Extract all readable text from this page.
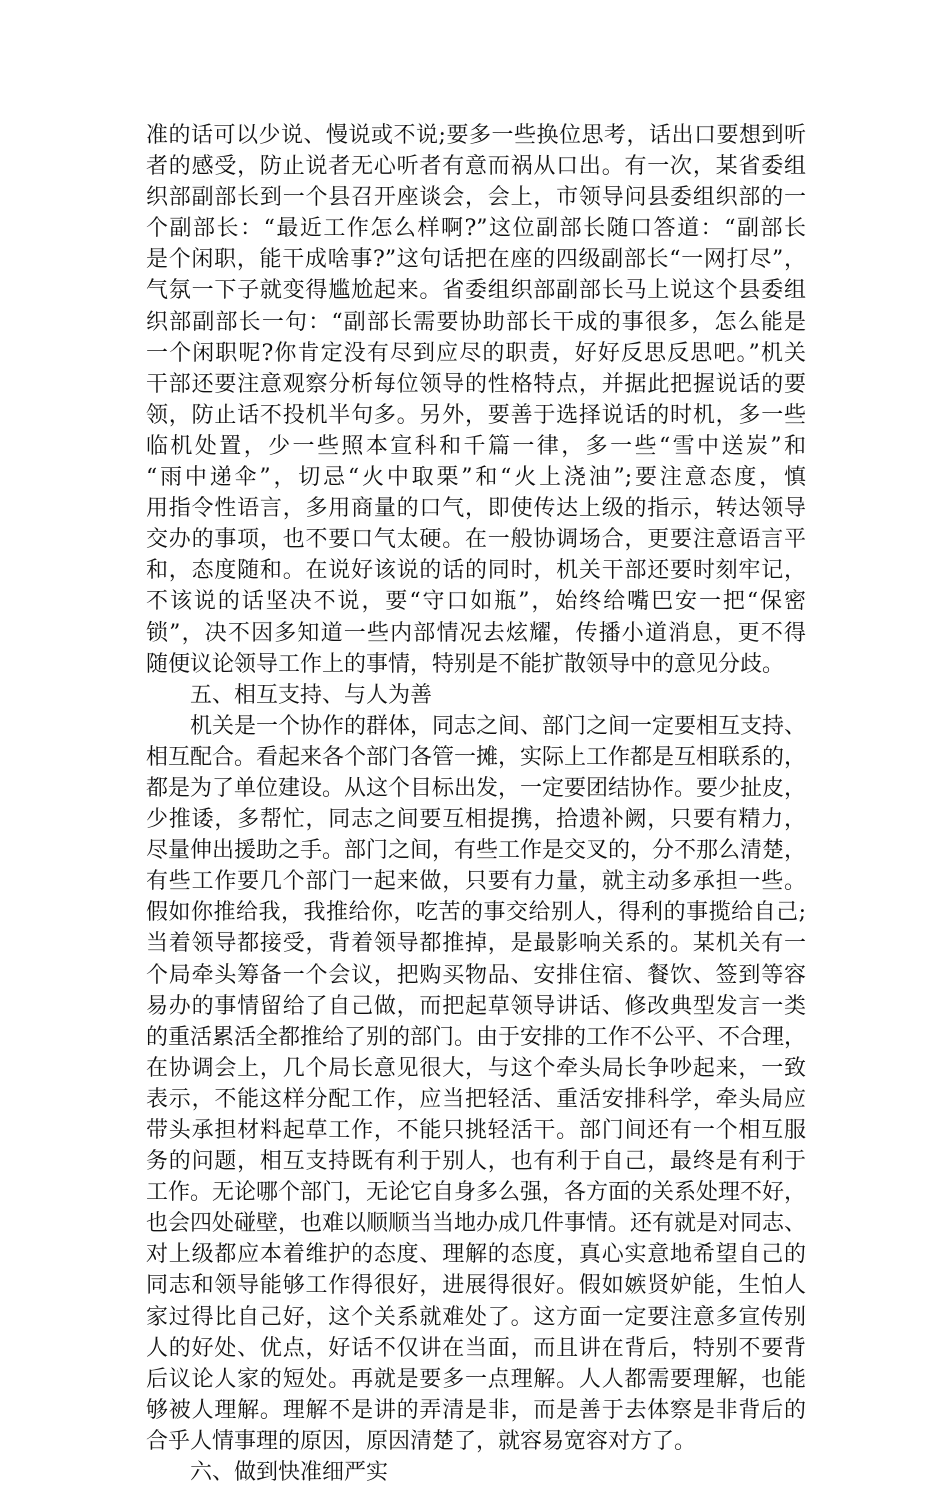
准的话可以少说、慢说或不说;要多一些换位思考，话出口要想到听
者的感受，防止说者无心听者有意而祸从口出。有一次，某省委组
织部副部长到一个县召开座谈会，会上，市领导问县委组织部的一
个副部长：“最近工作怎么样啊?”这位副部长随口答道：“副部长
是个闲职，能干成啥事?”这句话把在座的四级副部长“一网打尽”，
气氛一下子就变得尴尬起来。省委组织部副部长马上说这个县委组
织部副部长一句：“副部长需要协助部长干成的事很多，怎么能是
一个闲职呢?你肯定没有尽到应尽的职责，好好反思反思吧。”机关
干部还要注意观察分析每位领导的性格特点，并据此把握说话的要
领，防止话不投机半句多。另外，要善于选择说话的时机，多一些
临机处置，少一些照本宣科和千篇一律，多一些“雪中送炭”和
“雨中递伞”，切忌“火中取栗”和“火上浇油”;要注意态度，慎
用指令性语言，多用商量的口气，即使传达上级的指示，转达领导
交办的事项，也不要口气太硬。在一般协调场合，更要注意语言平
和，态度随和。在说好该说的话的同时，机关干部还要时刻牢记，
不该说的话坚决不说，要“守口如瓶”，始终给嘴巴安一把“保密
锁”，决不因多知道一些内部情况去炫耀，传播小道消息，更不得
随便议论领导工作上的事情，特别是不能扩散领导中的意见分歧。
五、相互支持、与人为善
机关是一个协作的群体，同志之间、部门之间一定要相互支持、
相互配合。看起来各个部门各管一摊，实际上工作都是互相联系的，
都是为了单位建设。从这个目标出发，一定要团结协作。要少扯皮，
少推诿，多帮忙，同志之间要互相提携，拾遗补阙，只要有精力，
尽量伸出援助之手。部门之间，有些工作是交叉的，分不那么清楚，
有些工作要几个部门一起来做，只要有力量，就主动多承担一些。
假如你推给我，我推给你，吃苦的事交给别人，得利的事揽给自己;
当着领导都接受，背着领导都推掉，是最影响关系的。某机关有一
个局牵头筹备一个会议，把购买物品、安排住宿、餐饮、签到等容
易办的事情留给了自己做，而把起草领导讲话、修改典型发言一类
的重活累活全都推给了别的部门。由于安排的工作不公平、不合理，
在协调会上，几个局长意见很大，与这个牵头局长争吵起来，一致
表示，不能这样分配工作，应当把轻活、重活安排科学，牵头局应
带头承担材料起草工作，不能只挑轻活干。部门间还有一个相互服
务的问题，相互支持既有利于别人，也有利于自己，最终是有利于
工作。无论哪个部门，无论它自身多么强，各方面的关系处理不好，
也会四处碰壁，也难以顺顺当当地办成几件事情。还有就是对同志、
对上级都应本着维护的态度、理解的态度，真心实意地希望自己的
同志和领导能够工作得很好，进展得很好。假如嫉贤妒能，生怕人
家过得比自己好，这个关系就难处了。这方面一定要注意多宣传别
人的好处、优点，好话不仅讲在当面，而且讲在背后，特别不要背
后议论人家的短处。再就是要多一点理解。人人都需要理解，也能
够被人理解。理解不是讲的弄清是非，而是善于去体察是非背后的
合乎人情事理的原因，原因清楚了，就容易宽容对方了。
六、做到快准细严实
